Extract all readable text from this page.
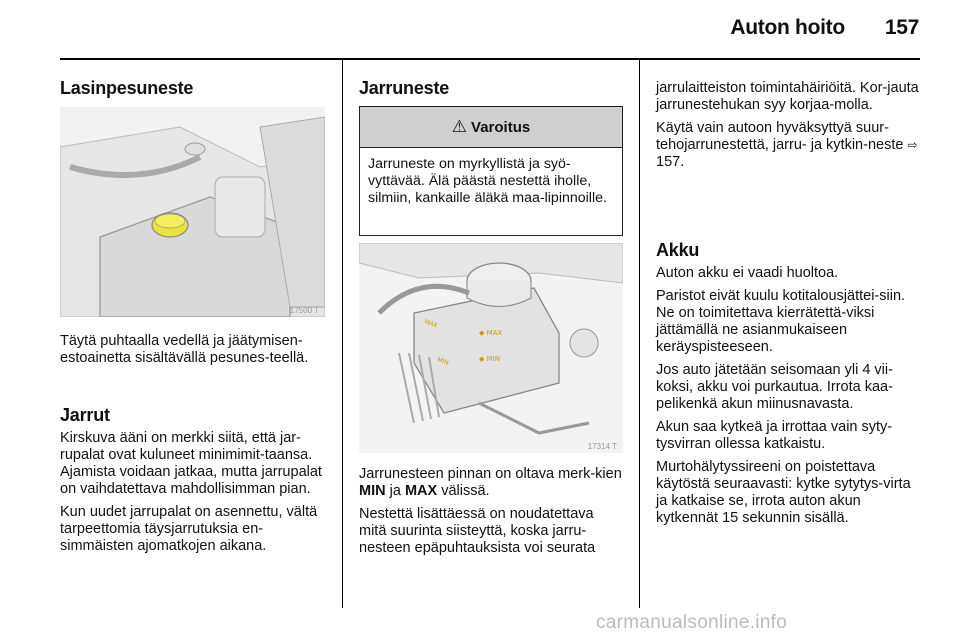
Auton hoito 157
Lasinpesuneste
17500 T

Täytä puhtaalla vedellä ja jäätymisen-estoainetta sisältävällä pesunes-teellä.

Jarrut

Kirskuva ääni on merkki siitä, että jar-rupalat ovat kuluneet minimimit-taansa. Ajamista voidaan jatkaa, mutta jarrupalat on vaihdatettava mahdollisimman pian.

Kun uudet jarrupalat on asennettu, vältä tarpeettomia täysjarrutuksia en-simmäisten ajomatkojen aikana.

Jarruneste
⚠ Varoitus
Jarruneste on myrkyllistä ja syö-vyttävää. Älä päästä nestettä iholle, silmiin, kankaille äläkä maa-lipinnoille.
◆ MAX
◆ MIN
MAX
MIN
17314 T

Jarrunesteen pinnan on oltava merk-kien MIN ja MAX välissä.

Nestettä lisättäessä on noudatettava mitä suurinta siisteyttä, koska jarru-nesteen epäpuhtauksista voi seurata

jarrulaitteiston toimintahäiriöitä. Kor-jauta jarrunestehukan syy korjaa-molla.

Käytä vain autoon hyväksyttyä suur-tehojarrunestettä, jarru- ja kytkin-neste ⇨ 157.

Akku

Auton akku ei vaadi huoltoa.

Paristot eivät kuulu kotitalousjättei-siin. Ne on toimitettava kierrätettä-viksi jättämällä ne asianmukaiseen keräyspisteeseen.

Jos auto jätetään seisomaan yli 4 vii-koksi, akku voi purkautua. Irrota kaa-pelikenkä akun miinusnavasta.

Akun saa kytkeä ja irrottaa vain syty-tysvirran ollessa katkaistu.

Murtohälytyssireeni on poistettava käytöstä seuraavasti: kytke sytytys-virta ja katkaise se, irrota auton akun kytkennät 15 sekunnin sisällä.

carmanualsonline.info
